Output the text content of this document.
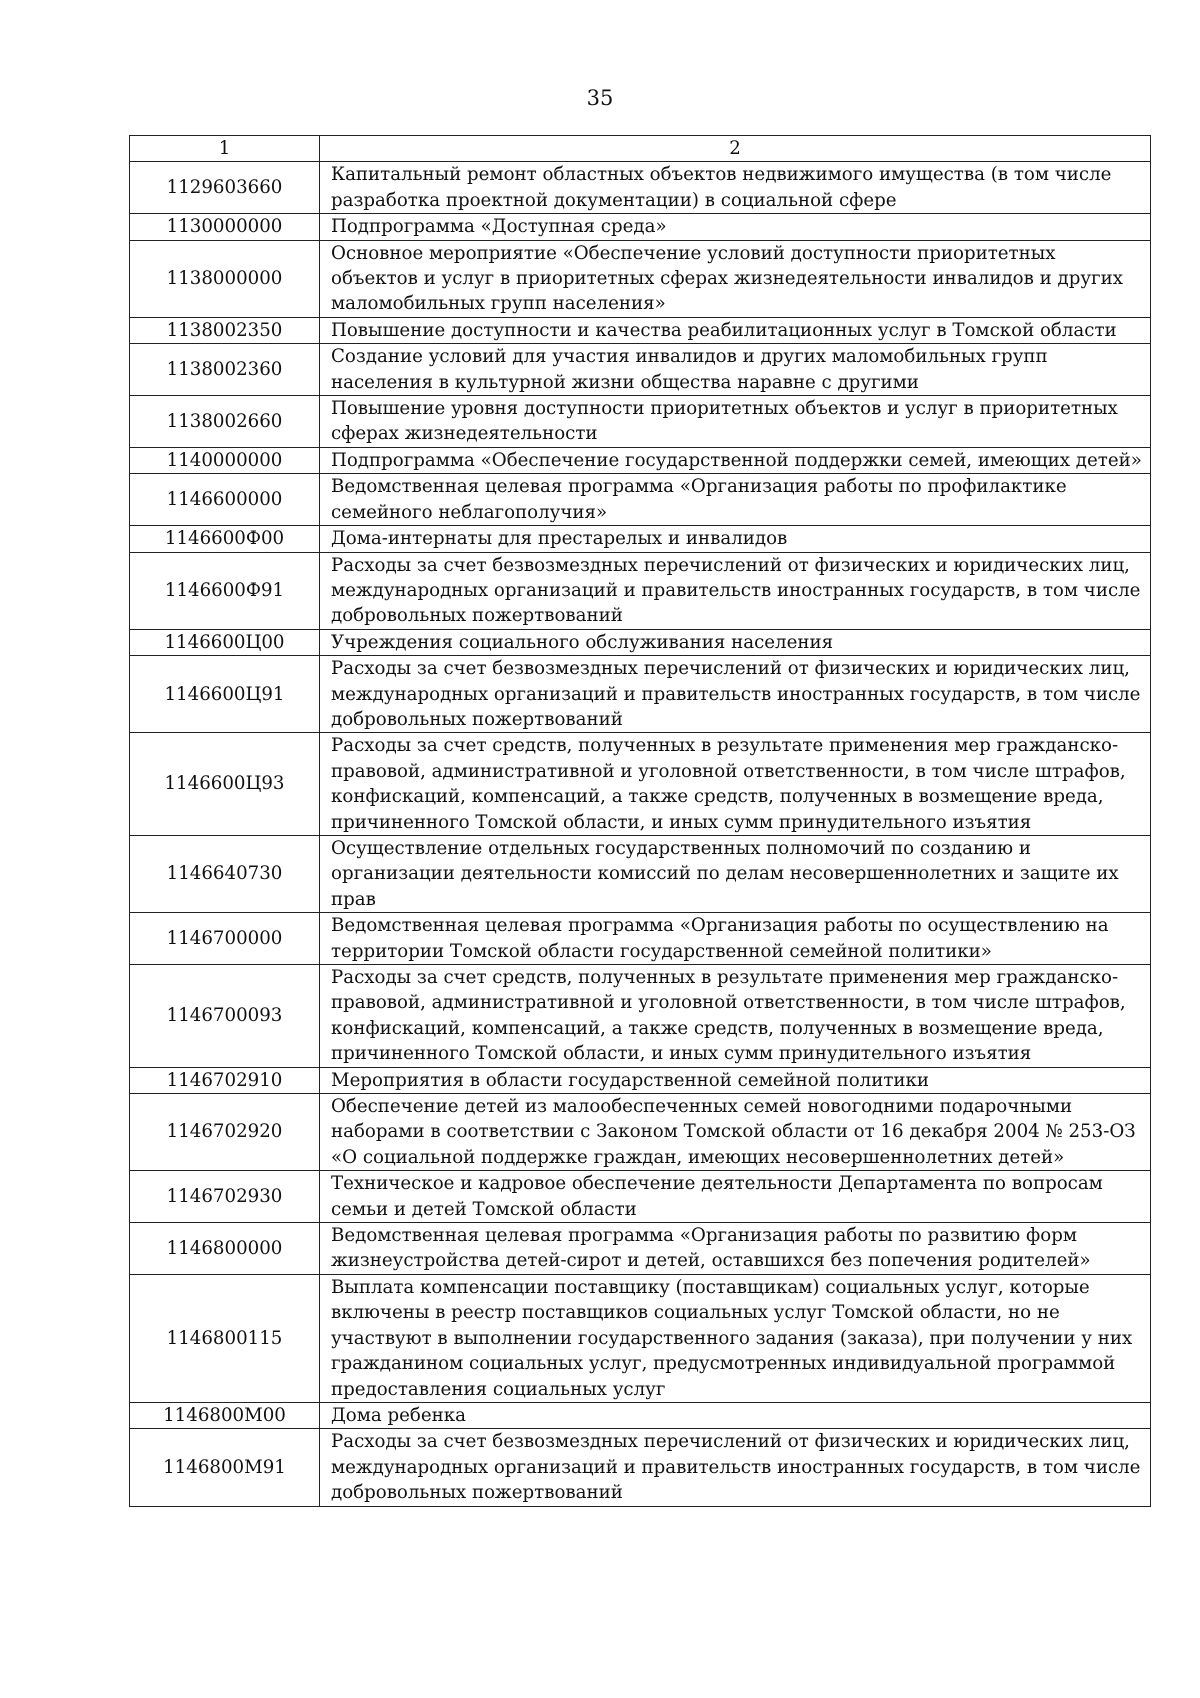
35
1	2
1129603660	Капитальный ремонт областных объектов недвижимого имущества (в том числе разработка проектной документации) в социальной сфере
1130000000	Подпрограмма «Доступная среда»
1138000000	Основное мероприятие «Обеспечение условий доступности приоритетных объектов и услуг в приоритетных сферах жизнедеятельности инвалидов и других маломобильных групп населения»
1138002350	Повышение доступности и качества реабилитационных услуг в Томской области
1138002360	Создание условий для участия инвалидов и других маломобильных групп населения в культурной жизни общества наравне с другими
1138002660	Повышение уровня доступности приоритетных объектов и услуг в приоритетных сферах жизнедеятельности
1140000000	Подпрограмма «Обеспечение государственной поддержки семей, имеющих детей»
1146600000	Ведомственная целевая программа «Организация работы по профилактике семейного неблагополучия»
1146600Ф00	Дома-интернаты для престарелых и инвалидов
1146600Ф91	Расходы за счет безвозмездных перечислений от физических и юридических лиц, международных организаций и правительств иностранных государств, в том числе добровольных пожертвований
1146600Ц00	Учреждения социального обслуживания населения
1146600Ц91	Расходы за счет безвозмездных перечислений от физических и юридических лиц, международных организаций и правительств иностранных государств, в том числе добровольных пожертвований
1146600Ц93	Расходы за счет средств, полученных в результате применения мер гражданско-правовой, административной и уголовной ответственности, в том числе штрафов, конфискаций, компенсаций, а также средств, полученных в возмещение вреда, причиненного Томской области, и иных сумм принудительного изъятия
1146640730	Осуществление отдельных государственных полномочий по созданию и организации деятельности комиссий по делам несовершеннолетних и защите их прав
1146700000	Ведомственная целевая программа «Организация работы по осуществлению на территории Томской области государственной семейной политики»
1146700093	Расходы за счет средств, полученных в результате применения мер гражданско-правовой, административной и уголовной ответственности, в том числе штрафов, конфискаций, компенсаций, а также средств, полученных в возмещение вреда, причиненного Томской области, и иных сумм принудительного изъятия
1146702910	Мероприятия в области государственной семейной политики
1146702920	Обеспечение детей из малообеспеченных семей новогодними подарочными наборами в соответствии с Законом Томской области от 16 декабря 2004 № 253-ОЗ «О социальной поддержке граждан, имеющих несовершеннолетних детей»
1146702930	Техническое и кадровое обеспечение деятельности Департамента по вопросам семьи и детей Томской области
1146800000	Ведомственная целевая программа «Организация работы по развитию форм жизнеустройства детей-сирот и детей, оставшихся без попечения родителей»
1146800115	Выплата компенсации поставщику (поставщикам) социальных услуг, которые включены в реестр поставщиков социальных услуг Томской области, но не участвуют в выполнении государственного задания (заказа), при получении у них гражданином социальных услуг, предусмотренных индивидуальной программой предоставления социальных услуг
1146800М00	Дома ребенка
1146800М91	Расходы за счет безвозмездных перечислений от физических и юридических лиц, международных организаций и правительств иностранных государств, в том числе добровольных пожертвований
